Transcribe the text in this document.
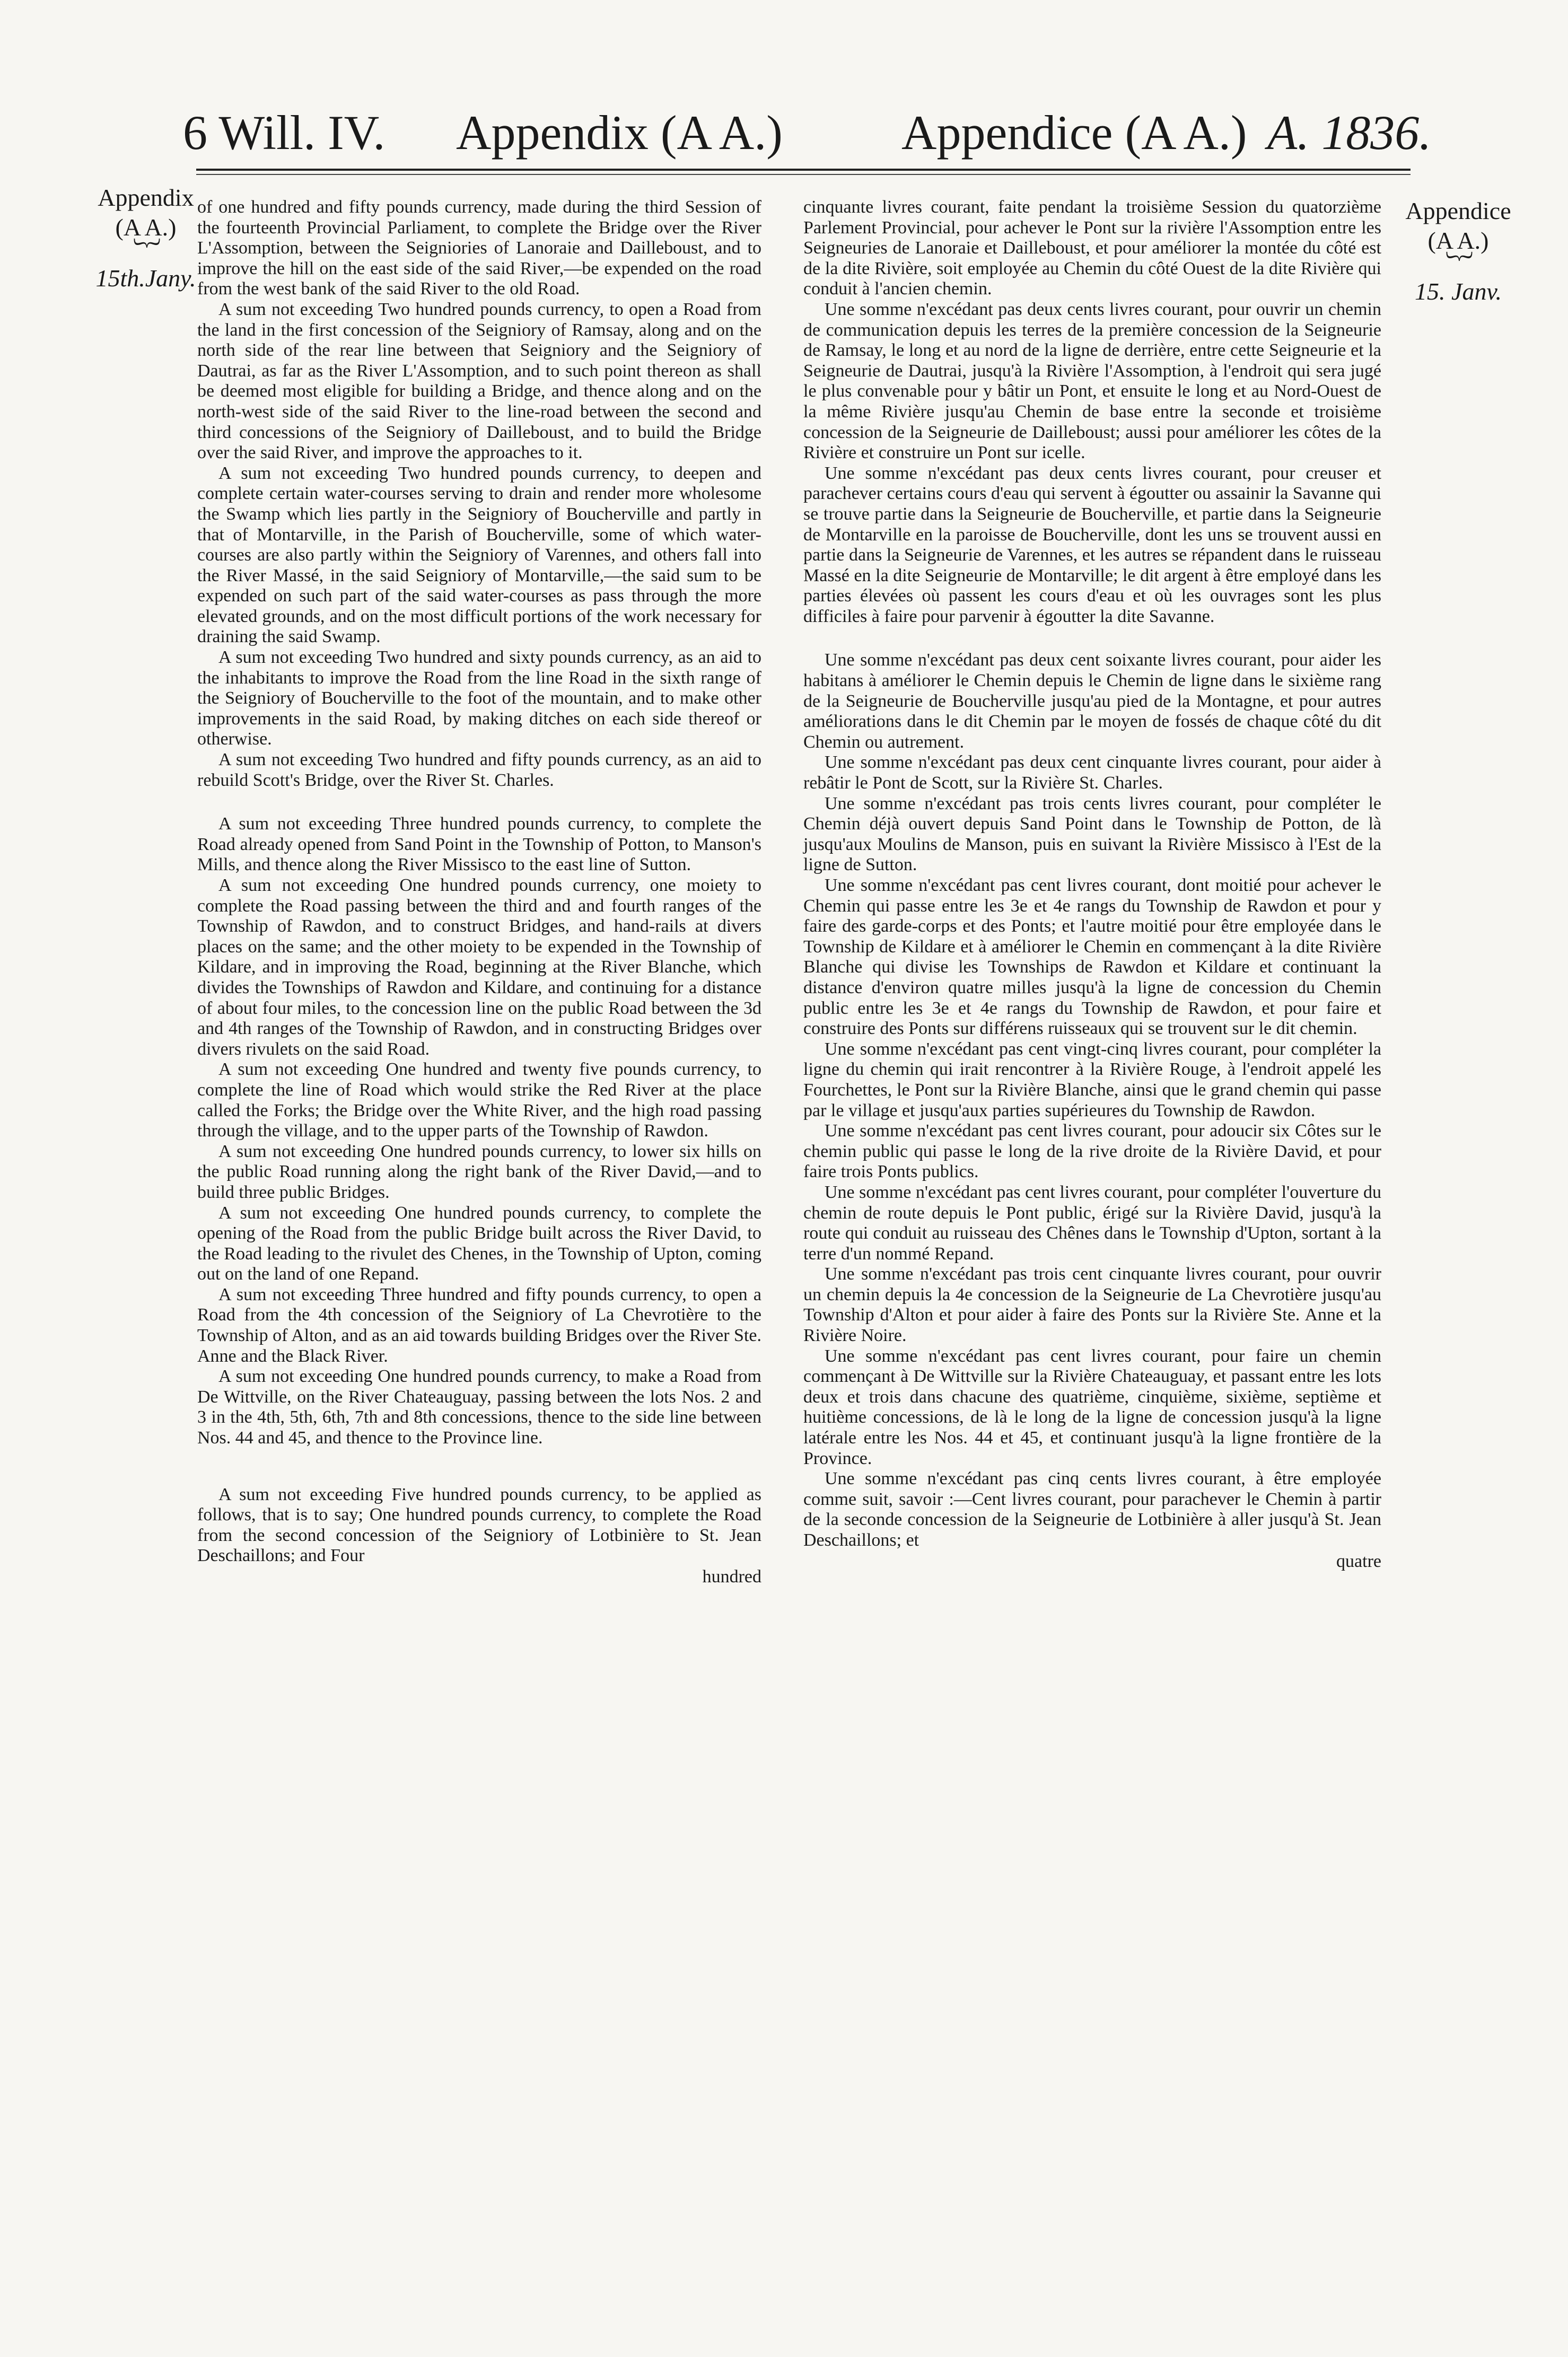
6 Will. IV. Appendix (A A.) Appendice (A A.) A. 1836.
Appendix
(A A.)
︸
15th.Jany.
Appendice
(A A.)
︸
15. Janv.

of one hundred and fifty pounds currency, made during the third Session of the fourteenth Provincial Parliament, to complete the Bridge over the River L'Assomption, between the Seigniories of Lanoraie and Dailleboust, and to improve the hill on the east side of the said River,—be expended on the road from the west bank of the said River to the old Road.

A sum not exceeding Two hundred pounds currency, to open a Road from the land in the first concession of the Seigniory of Ramsay, along and on the north side of the rear line between that Seigniory and the Seigniory of Dautrai, as far as the River L'Assomption, and to such point thereon as shall be deemed most eligible for building a Bridge, and thence along and on the north-west side of the said River to the line-road between the second and third concessions of the Seigniory of Dailleboust, and to build the Bridge over the said River, and improve the approaches to it.

A sum not exceeding Two hundred pounds currency, to deepen and complete certain water-courses serving to drain and render more wholesome the Swamp which lies partly in the Seigniory of Boucherville and partly in that of Montarville, in the Parish of Boucherville, some of which water-courses are also partly within the Seigniory of Varennes, and others fall into the River Massé, in the said Seigniory of Montarville,—the said sum to be expended on such part of the said water-courses as pass through the more elevated grounds, and on the most difficult portions of the work necessary for draining the said Swamp.

A sum not exceeding Two hundred and sixty pounds currency, as an aid to the inhabitants to improve the Road from the line Road in the sixth range of the Seigniory of Boucherville to the foot of the mountain, and to make other improvements in the said Road, by making ditches on each side thereof or otherwise.

A sum not exceeding Two hundred and fifty pounds currency, as an aid to rebuild Scott's Bridge, over the River St. Charles.

A sum not exceeding Three hundred pounds currency, to complete the Road already opened from Sand Point in the Township of Potton, to Manson's Mills, and thence along the River Missisco to the east line of Sutton.

A sum not exceeding One hundred pounds currency, one moiety to complete the Road passing between the third and and fourth ranges of the Township of Rawdon, and to construct Bridges, and hand-rails at divers places on the same; and the other moiety to be expended in the Township of Kildare, and in improving the Road, beginning at the River Blanche, which divides the Townships of Rawdon and Kildare, and continuing for a distance of about four miles, to the concession line on the public Road between the 3d and 4th ranges of the Township of Rawdon, and in constructing Bridges over divers rivulets on the said Road.

A sum not exceeding One hundred and twenty five pounds currency, to complete the line of Road which would strike the Red River at the place called the Forks; the Bridge over the White River, and the high road passing through the village, and to the upper parts of the Township of Rawdon.

A sum not exceeding One hundred pounds currency, to lower six hills on the public Road running along the right bank of the River David,—and to build three public Bridges.

A sum not exceeding One hundred pounds currency, to complete the opening of the Road from the public Bridge built across the River David, to the Road leading to the rivulet des Chenes, in the Township of Upton, coming out on the land of one Repand.

A sum not exceeding Three hundred and fifty pounds currency, to open a Road from the 4th concession of the Seigniory of La Chevrotière to the Township of Alton, and as an aid towards building Bridges over the River Ste. Anne and the Black River.

A sum not exceeding One hundred pounds currency, to make a Road from De Wittville, on the River Chateauguay, passing between the lots Nos. 2 and 3 in the 4th, 5th, 6th, 7th and 8th concessions, thence to the side line between Nos. 44 and 45, and thence to the Province line.

A sum not exceeding Five hundred pounds currency, to be applied as follows, that is to say; One hundred pounds currency, to complete the Road from the second concession of the Seigniory of Lotbinière to St. Jean Deschaillons; and Four

hundred

cinquante livres courant, faite pendant la troisième Session du quatorzième Parlement Provincial, pour achever le Pont sur la rivière l'Assomption entre les Seigneuries de Lanoraie et Dailleboust, et pour améliorer la montée du côté est de la dite Rivière, soit employée au Chemin du côté Ouest de la dite Rivière qui conduit à l'ancien chemin.

Une somme n'excédant pas deux cents livres courant, pour ouvrir un chemin de communication depuis les terres de la première concession de la Seigneurie de Ramsay, le long et au nord de la ligne de derrière, entre cette Seigneurie et la Seigneurie de Dautrai, jusqu'à la Rivière l'Assomption, à l'endroit qui sera jugé le plus convenable pour y bâtir un Pont, et ensuite le long et au Nord-Ouest de la même Rivière jusqu'au Chemin de base entre la seconde et troisième concession de la Seigneurie de Dailleboust; aussi pour améliorer les côtes de la Rivière et construire un Pont sur icelle.

Une somme n'excédant pas deux cents livres courant, pour creuser et parachever certains cours d'eau qui servent à égoutter ou assainir la Savanne qui se trouve partie dans la Seigneurie de Boucherville, et partie dans la Seigneurie de Montarville en la paroisse de Boucherville, dont les uns se trouvent aussi en partie dans la Seigneurie de Varennes, et les autres se répandent dans le ruisseau Massé en la dite Seigneurie de Montarville; le dit argent à être employé dans les parties élevées où passent les cours d'eau et où les ouvrages sont les plus difficiles à faire pour parvenir à égoutter la dite Savanne.

Une somme n'excédant pas deux cent soixante livres courant, pour aider les habitans à améliorer le Chemin depuis le Chemin de ligne dans le sixième rang de la Seigneurie de Boucherville jusqu'au pied de la Montagne, et pour autres améliorations dans le dit Chemin par le moyen de fossés de chaque côté du dit Chemin ou autrement.

Une somme n'excédant pas deux cent cinquante livres courant, pour aider à rebâtir le Pont de Scott, sur la Rivière St. Charles.

Une somme n'excédant pas trois cents livres courant, pour compléter le Chemin déjà ouvert depuis Sand Point dans le Township de Potton, de là jusqu'aux Moulins de Manson, puis en suivant la Rivière Missisco à l'Est de la ligne de Sutton.

Une somme n'excédant pas cent livres courant, dont moitié pour achever le Chemin qui passe entre les 3e et 4e rangs du Township de Rawdon et pour y faire des garde-corps et des Ponts; et l'autre moitié pour être employée dans le Township de Kildare et à améliorer le Chemin en commençant à la dite Rivière Blanche qui divise les Townships de Rawdon et Kildare et continuant la distance d'environ quatre milles jusqu'à la ligne de concession du Chemin public entre les 3e et 4e rangs du Township de Rawdon, et pour faire et construire des Ponts sur différens ruisseaux qui se trouvent sur le dit chemin.

Une somme n'excédant pas cent vingt-cinq livres courant, pour compléter la ligne du chemin qui irait rencontrer à la Rivière Rouge, à l'endroit appelé les Fourchettes, le Pont sur la Rivière Blanche, ainsi que le grand chemin qui passe par le village et jusqu'aux parties supérieures du Township de Rawdon.

Une somme n'excédant pas cent livres courant, pour adoucir six Côtes sur le chemin public qui passe le long de la rive droite de la Rivière David, et pour faire trois Ponts publics.

Une somme n'excédant pas cent livres courant, pour compléter l'ouverture du chemin de route depuis le Pont public, érigé sur la Rivière David, jusqu'à la route qui conduit au ruisseau des Chênes dans le Township d'Upton, sortant à la terre d'un nommé Repand.

Une somme n'excédant pas trois cent cinquante livres courant, pour ouvrir un chemin depuis la 4e concession de la Seigneurie de La Chevrotière jusqu'au Township d'Alton et pour aider à faire des Ponts sur la Rivière Ste. Anne et la Rivière Noire.

Une somme n'excédant pas cent livres courant, pour faire un chemin commençant à De Wittville sur la Rivière Chateauguay, et passant entre les lots deux et trois dans chacune des quatrième, cinquième, sixième, septième et huitième concessions, de là le long de la ligne de concession jusqu'à la ligne latérale entre les Nos. 44 et 45, et continuant jusqu'à la ligne frontière de la Province.

Une somme n'excédant pas cinq cents livres courant, à être employée comme suit, savoir :—Cent livres courant, pour parachever le Chemin à partir de la seconde concession de la Seigneurie de Lotbinière à aller jusqu'à St. Jean Deschaillons; et

quatre
